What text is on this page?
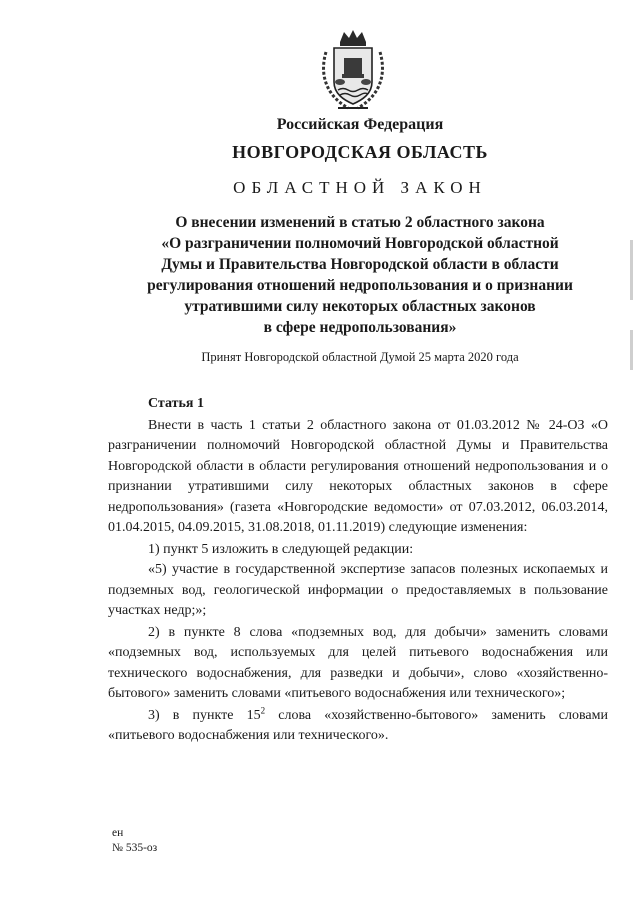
Российская Федерация
НОВГОРОДСКАЯ ОБЛАСТЬ
ОБЛАСТНОЙ ЗАКОН
О внесении изменений в статью 2 областного закона
«О разграничении полномочий Новгородской областной
Думы и Правительства Новгородской области в области
регулирования отношений недропользования и о признании
утратившими силу некоторых областных законов
в сфере недропользования»
Принят Новгородской областной Думой 25 марта 2020 года
Статья 1

Внести в часть 1 статьи 2 областного закона от 01.03.2012 № 24-ОЗ «О разграничении полномочий Новгородской областной Думы и Правительства Новгородской области в области регулирования отношений недропользования и о признании утратившими силу некоторых областных законов в сфере недропользования» (газета «Новгородские ведомости» от 07.03.2012, 06.03.2014, 01.04.2015, 04.09.2015, 31.08.2018, 01.11.2019) следующие изменения:

1) пункт 5 изложить в следующей редакции:

«5) участие в государственной экспертизе запасов полезных ископаемых и подземных вод, геологической информации о предоставляемых в пользование участках недр;»;

2) в пункте 8 слова «подземных вод, для добычи» заменить словами «подземных вод, используемых для целей питьевого водоснабжения или технического водоснабжения, для разведки и добычи», слово «хозяйственно-бытового» заменить словами «питьевого водоснабжения или технического»;

3) в пункте $15^2$ слова «хозяйственно-бытового» заменить словами «питьевого водоснабжения или технического».

ен
№ 535-оз
